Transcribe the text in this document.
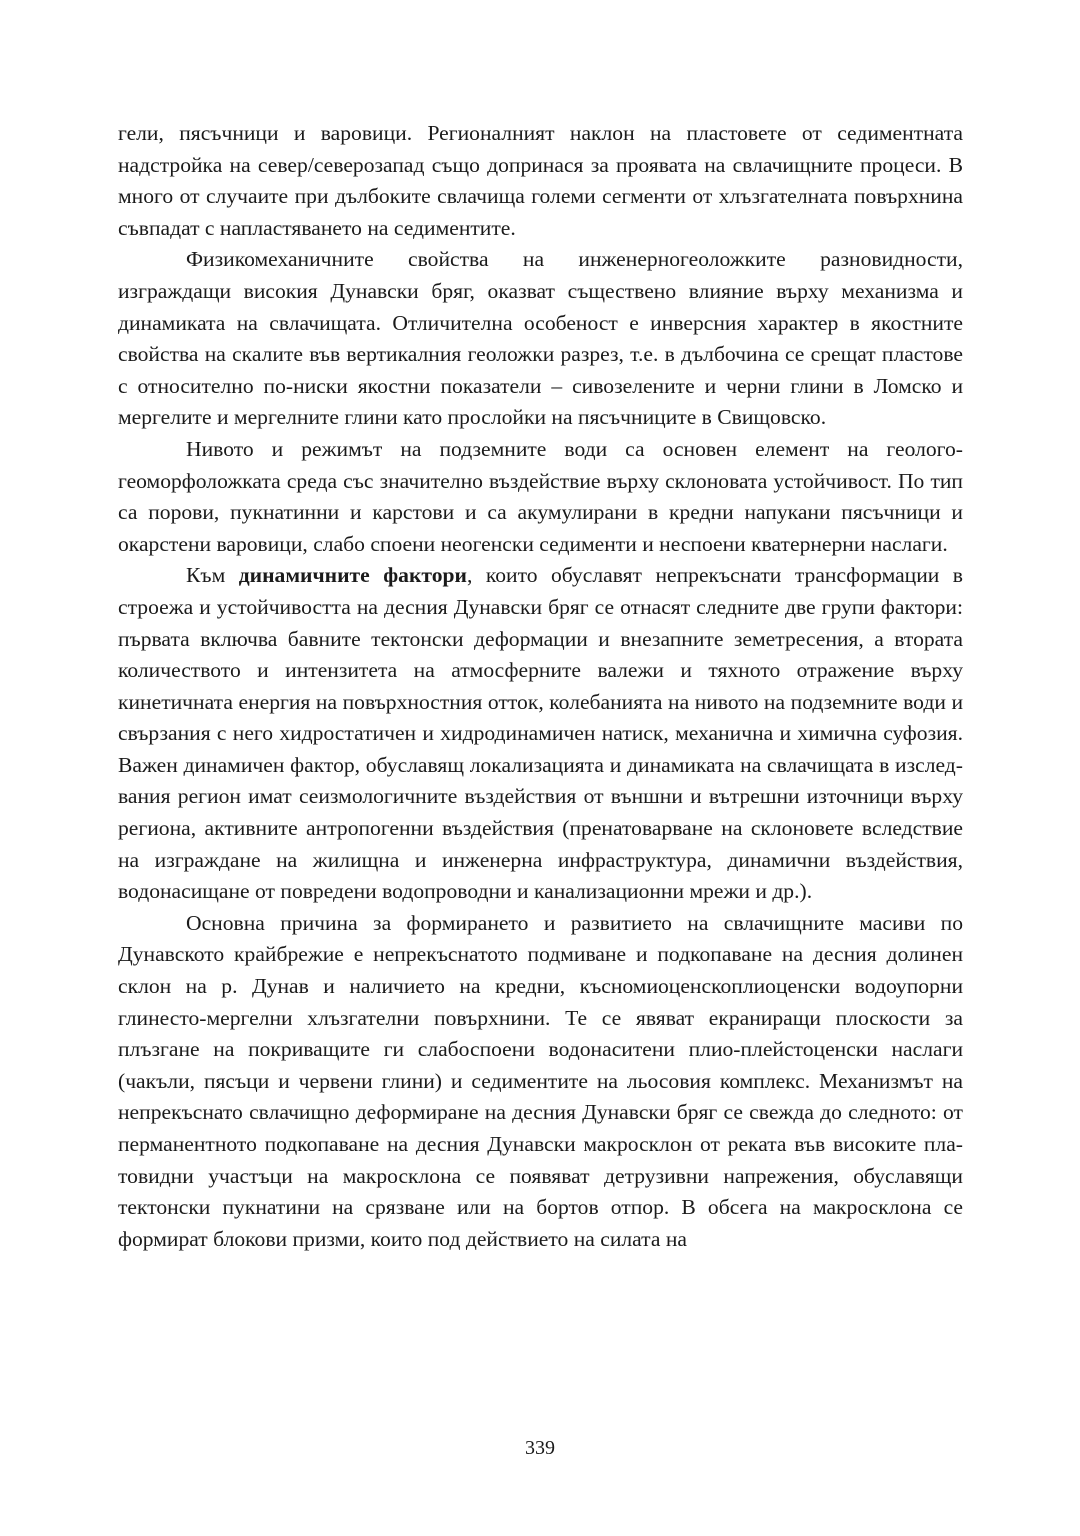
гели, пясъчници и варовици. Регионалният наклон на пластовете от седиментната надстройка на север/северозапад също допринася за проявата на свлачищните процеси. В много от случаите при дълбоките свлачища големи сегменти от хлъзгателната повърхнина съвпадат с напластяването на седиментите.

Физикомеханичните свойства на инженерногеоложките разновидности, изграждащи високия Дунавски бряг, оказват съществено влияние върху механизма и динамиката на свлачищата. Отличителна особеност е инверсния характер в якостните свойства на скалите във вертикалния геоложки разрез, т.е. в дълбочина се срещат пластове с относително по-ниски якостни показатели – сивозелените и черни глини в Ломско и мергелите и мергелните глини като прослойки на пясъчниците в Свищовско.

Нивото и режимът на подземните води са основен елемент на геологогеоморфоложката среда със значително въздействие върху склоновата устойчивост. По тип са порови, пукнатинни и карстови и са акумулирани в кредни напукани пясъчници и окарстени варовици, слабо споени неогенски седименти и неспоени кватернерни наслаги.

Към динамичните фактори, които обуславят непрекъснати трансформации в строежа и устойчивостта на десния Дунавски бряг се отнасят следните две групи фактори: първата включва бавните тектонски деформации и внезапните земетресения, а втората количеството и интензитета на атмосферните валежи и тяхното отражение върху кинетичната енергия на повърхностния отток, колебанията на нивото на подземните води и свързания с него хидростатичен и хидродинамичен натиск, механична и химична суфозия. Важен динамичен фактор, обуславящ локализацията и динамиката на свлачищата в изследвания регион имат сеизмологичните въздействия от външни и вътрешни източници върху региона, активните антропогенни въздействия (пренатоварване на склоновете вследствие на изграждане на жилищна и инженерна инфраструктура, динамични въздействия, водонасищане от повредени водопроводни и канализационни мрежи и др.).

Основна причина за формирането и развитието на свлачищните масиви по Дунавското крайбрежие е непрекъснатото подмиване и подкопаване на десния долинен склон на р. Дунав и наличието на кредни, късномиоценскоплиоценски водоупорни глинесто-мергелни хлъзгателни повърхнини. Те се явяват екраниращи плоскости за плъзгане на покриващите ги слабоспоени водонаситени плио-плейстоценски наслаги (чакъли, пясъци и червени глини) и седиментите на льосовия комплекс. Механизмът на непрекъснато свлачищно деформиране на десния Дунавски бряг се свежда до следното: от перманентното подкопаване на десния Дунавски макросклон от реката във високите платовидни участъци на макросклона се появяват детрузивни напрежения, обуславящи тектонски пукнатини на срязване или на бортов отпор. В обсега на макросклона се формират блокови призми, които под действието на силата на

339
